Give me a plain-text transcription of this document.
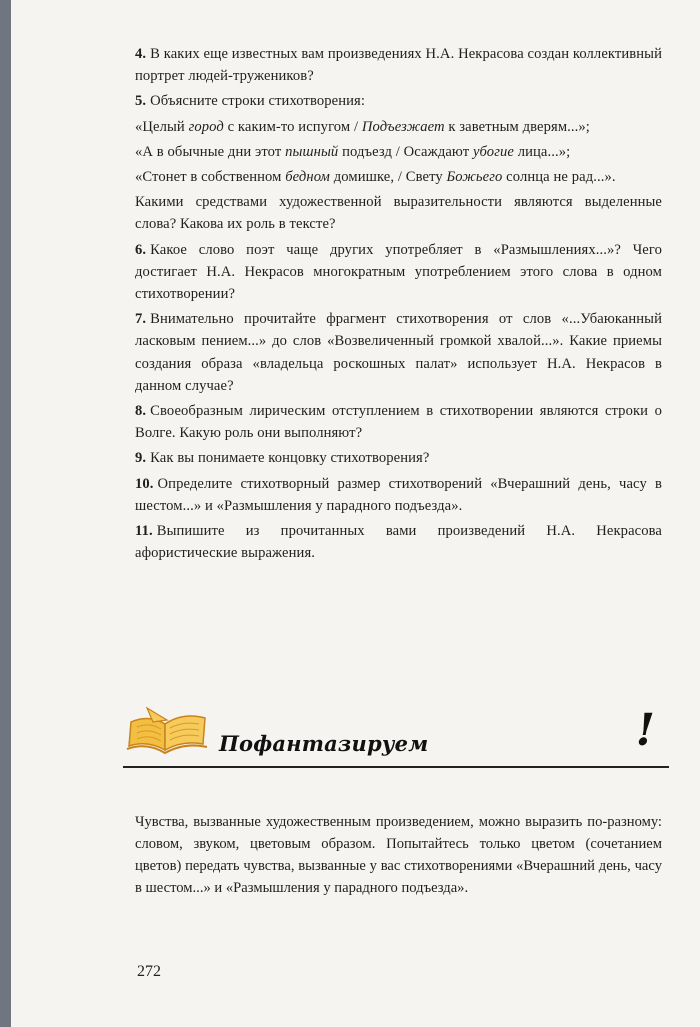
4. В каких еще известных вам произведениях Н.А. Некрасова создан коллективный портрет людей-тружеников?

5. Объясните строки стихотворения:

«Целый город с каким-то испугом / Подъезжает к заветным дверям...»;

«А в обычные дни этот пышный подъезд / Осаждают убогие лица...»;

«Стонет в собственном бедном домишке, / Свету Божьего солнца не рад...».

Какими средствами художественной выразительности являются выделенные слова? Какова их роль в тексте?

6. Какое слово поэт чаще других употребляет в «Размышлениях...»? Чего достигает Н.А. Некрасов многократным употреблением этого слова в одном стихотворении?

7. Внимательно прочитайте фрагмент стихотворения от слов «...Убаюканный ласковым пением...» до слов «Возвеличенный громкой хвалой...». Какие приемы создания образа «владельца роскошных палат» использует Н.А. Некрасов в данном случае?

8. Своеобразным лирическим отступлением в стихотворении являются строки о Волге. Какую роль они выполняют?

9. Как вы понимаете концовку стихотворения?

10. Определите стихотворный размер стихотворений «Вчерашний день, часу в шестом...» и «Размышления у парадного подъезда».

11. Выпишите из прочитанных вами произведений Н.А. Некрасова афористические выражения.

Пофантазируем	!

Чувства, вызванные художественным произведением, можно выразить по-разному: словом, звуком, цветовым образом. Попытайтесь только цветом (сочетанием цветов) передать чувства, вызванные у вас стихотворениями «Вчерашний день, часу в шестом...» и «Размышления у парадного подъезда».

272
